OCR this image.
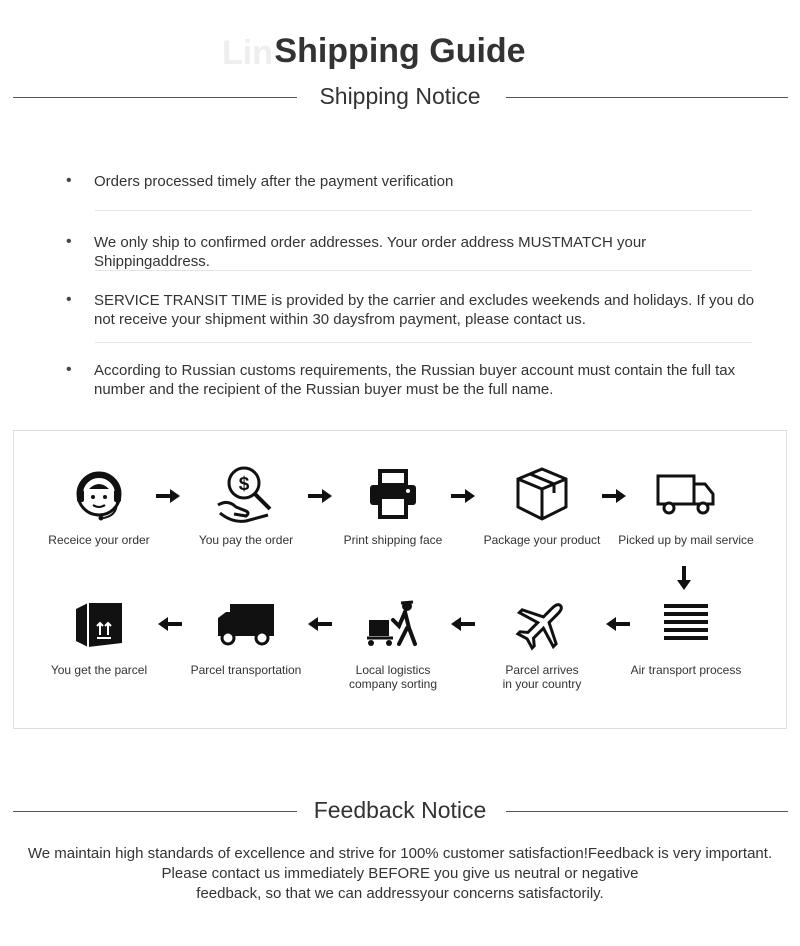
Lin Shipping Guide
Shipping Notice
• Orders processed timely after the payment verification
• We only ship to confirmed order addresses. Your order address MUSTMATCH your Shippingaddress.
• SERVICE TRANSIT TIME is provided by the carrier and excludes weekends and holidays. If you do not receive your shipment within 30 daysfrom payment, please contact us.
• According to Russian customs requirements, the Russian buyer account must contain the full tax number and the recipient of the Russian buyer must be the full name.
Receice your order
$
You pay the order	Print shipping face	Package your product	Picked up by mail service
Air transport process
Parcel arrives
in your country
Local logistics
company sorting
Parcel transportation
You get the parcel
Feedback Notice
We maintain high standards of excellence and strive for 100% customer satisfaction!Feedback is very important.
Please contact us immediately BEFORE you give us neutral or negative
feedback, so that we can addressyour concerns satisfactorily.
